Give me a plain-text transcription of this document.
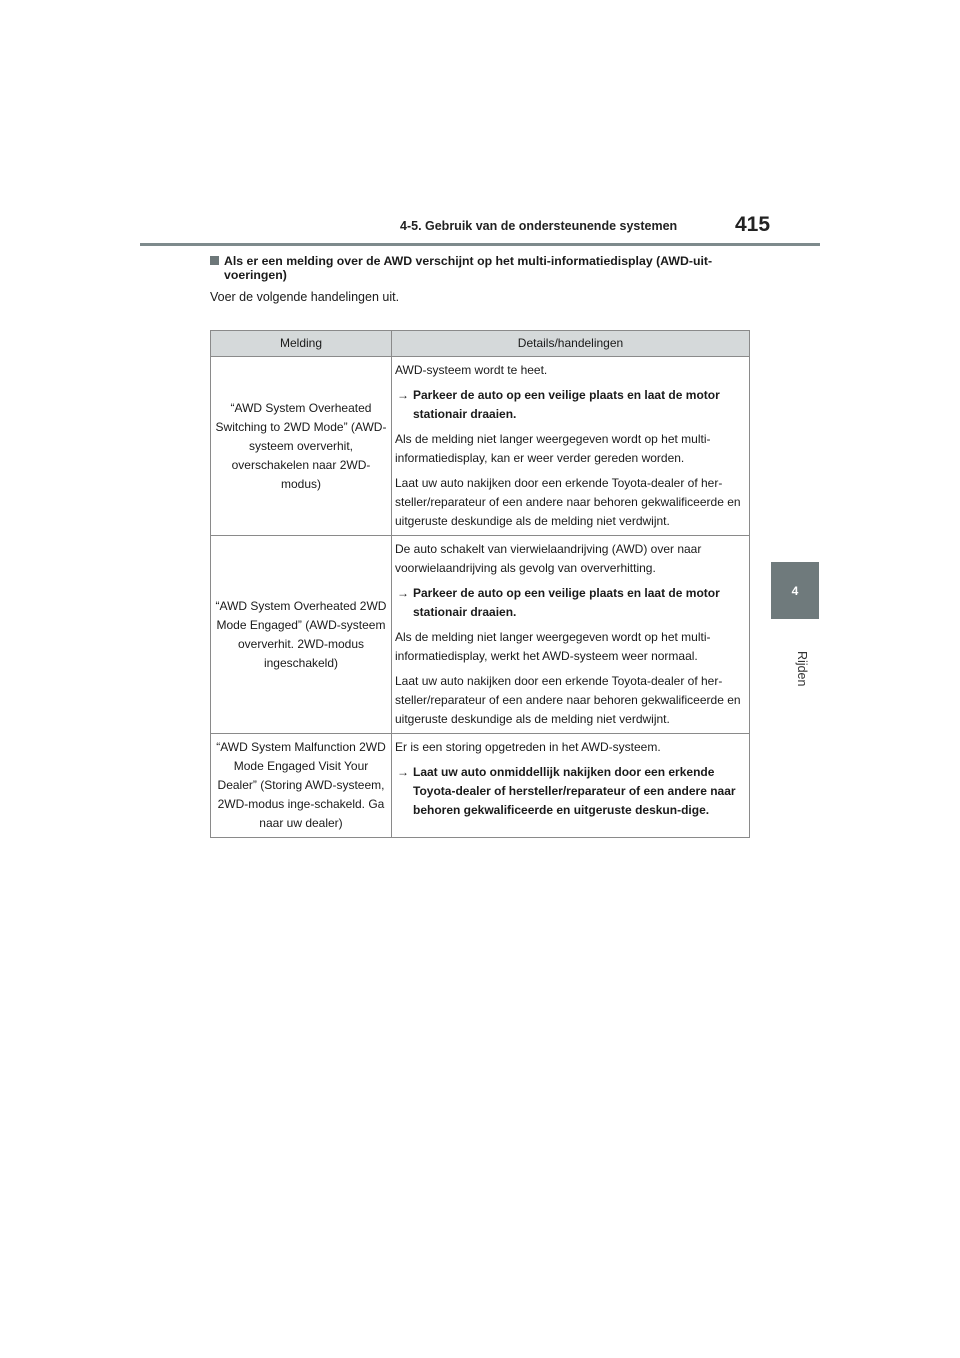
4-5. Gebruik van de ondersteunende systemen	415
4
Rijden
Als er een melding over de AWD verschijnt op het multi-informatiedisplay (AWD-uit-voeringen)
Voer de volgende handelingen uit.
Melding	Details/handelingen
“AWD System Overheated Switching to 2WD Mode” (AWD-systeem oververhit, overschakelen naar 2WD-modus)	AWD-systeem wordt te heet.

→ Parkeer de auto op een veilige plaats en laat de motor stationair draaien.

Als de melding niet langer weergegeven wordt op het multi-informatiedisplay, kan er weer verder gereden worden.

Laat uw auto nakijken door een erkende Toyota-dealer of her-steller/reparateur of een andere naar behoren gekwalificeerde en uitgeruste deskundige als de melding niet verdwijnt.

“AWD System Overheated 2WD Mode Engaged” (AWD-systeem oververhit. 2WD-modus ingeschakeld)	De auto schakelt van vierwielaandrijving (AWD) over naar voorwielaandrijving als gevolg van oververhitting.

→ Parkeer de auto op een veilige plaats en laat de motor stationair draaien.

Als de melding niet langer weergegeven wordt op het multi-informatiedisplay, werkt het AWD-systeem weer normaal.

Laat uw auto nakijken door een erkende Toyota-dealer of her-steller/reparateur of een andere naar behoren gekwalificeerde en uitgeruste deskundige als de melding niet verdwijnt.

“AWD System Malfunction 2WD Mode Engaged Visit Your Dealer” (Storing AWD-systeem, 2WD-modus inge-schakeld. Ga naar uw dealer)	Er is een storing opgetreden in het AWD-systeem.

→ Laat uw auto onmiddellijk nakijken door een erkende Toyota-dealer of hersteller/reparateur of een andere naar behoren gekwalificeerde en uitgeruste deskun-dige.
